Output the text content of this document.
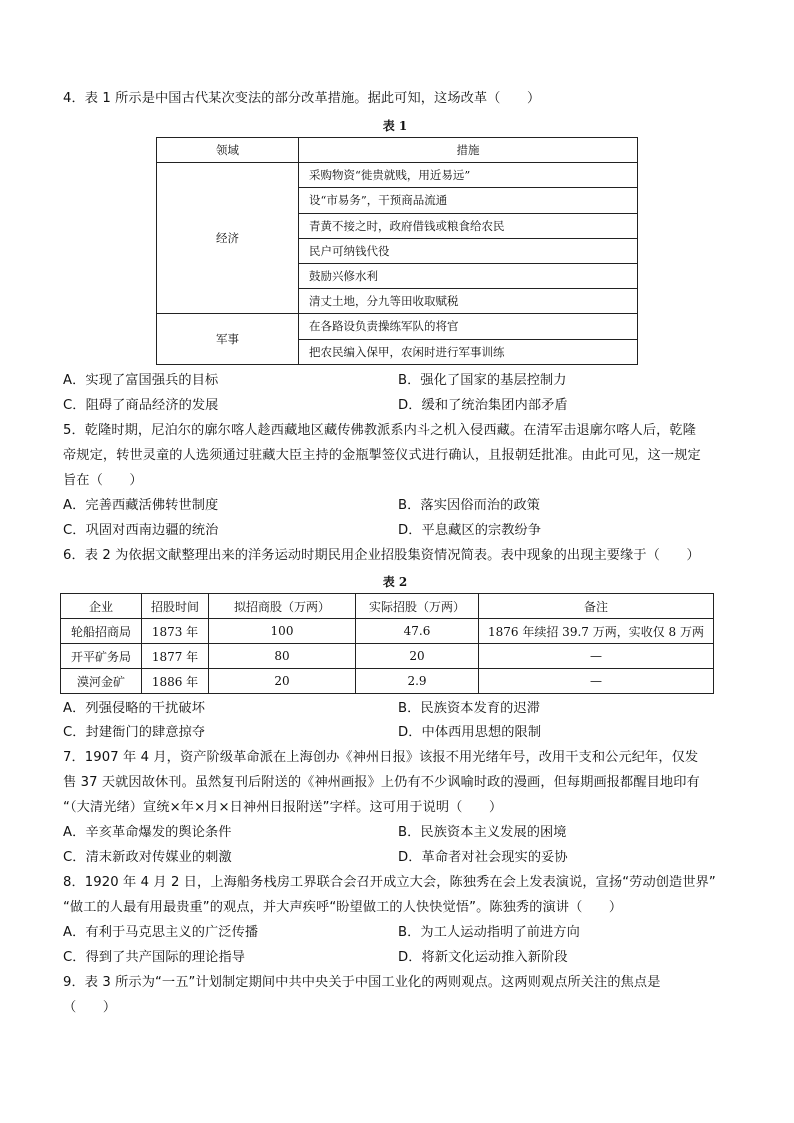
4．表 1 所示是中国古代某次变法的部分改革措施。据此可知，这场改革（　　）
表 1
领域	措施
经济	采购物资“徙贵就贱，用近易远”
	设“市易务”，干预商品流通
	青黄不接之时，政府借钱或粮食给农民
	民户可纳钱代役
	鼓励兴修水利
	清丈土地，分九等田收取赋税
军事	在各路设负责操练军队的将官
	把农民编入保甲，农闲时进行军事训练
A．实现了富国强兵的目标	B．强化了国家的基层控制力
C．阻碍了商品经济的发展	D．缓和了统治集团内部矛盾
5．乾隆时期，尼泊尔的廓尔喀人趁西藏地区藏传佛教派系内斗之机入侵西藏。在清军击退廓尔喀人后，乾隆
帝规定，转世灵童的人选须通过驻藏大臣主持的金瓶掣签仪式进行确认，且报朝廷批准。由此可见，这一规定
旨在（　　）
A．完善西藏活佛转世制度	B．落实因俗而治的政策
C．巩固对西南边疆的统治	D．平息藏区的宗教纷争
6．表 2 为依据文献整理出来的洋务运动时期民用企业招股集资情况简表。表中现象的出现主要缘于（　　）
表 2
企业	招股时间	拟招商股（万两）	实际招股（万两）	备注
轮船招商局	1873 年	100	47.6	1876 年续招 39.7 万两，实收仅 8 万两
开平矿务局	1877 年	80	20	—
漠河金矿	1886 年	20	2.9	—
A．列强侵略的干扰破坏	B．民族资本发育的迟滞
C．封建衙门的肆意掠夺	D．中体西用思想的限制
7．1907 年 4 月，资产阶级革命派在上海创办《神州日报》该报不用光绪年号，改用干支和公元纪年，仅发
售 37 天就因故休刊。虽然复刊后附送的《神州画报》上仍有不少讽喻时政的漫画，但每期画报都醒目地印有
“（大清光绪）宣统×年×月×日神州日报附送”字样。这可用于说明（　　）
A．辛亥革命爆发的舆论条件	B．民族资本主义发展的困境
C．清末新政对传媒业的刺激	D．革命者对社会现实的妥协
8．1920 年 4 月 2 日，上海船务栈房工界联合会召开成立大会，陈独秀在会上发表演说，宣扬“劳动创造世界”
“做工的人最有用最贵重”的观点，并大声疾呼“盼望做工的人快快觉悟”。陈独秀的演讲（　　）
A．有利于马克思主义的广泛传播	B．为工人运动指明了前进方向
C．得到了共产国际的理论指导	D．将新文化运动推入新阶段
9．表 3 所示为“一五”计划制定期间中共中央关于中国工业化的两则观点。这两则观点所关注的焦点是
（　　）
